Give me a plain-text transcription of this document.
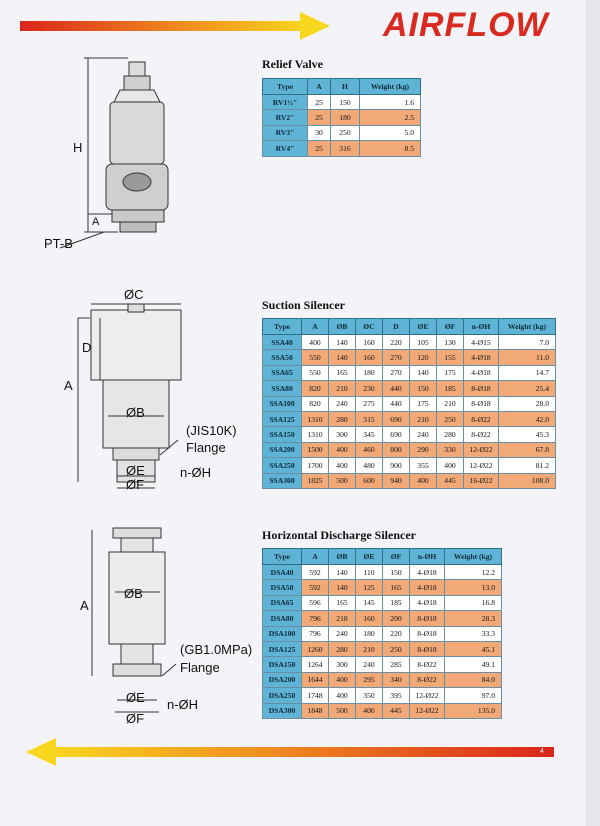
AIRFLOW
H
A
PT-B
ØC
D
A
ØB
(JIS10K)
Flange
ØE	n-ØH
ØF
A
ØB
(GB1.0MPa)
Flange
ØE n-ØH
ØF
Relief Valve
Type	A	H	Weight (kg)
RV1½"	25	150	1.6
RV2"	25	180	2.5
RV3"	30	250	5.0
RV4"	25	316	8.5
Suction Silencer
Type	A	ØB	ØC	D	ØE	ØF	n-ØH	Weight (kg)
SSA40	400	140	160	220	105	130	4-Ø15	7.0
SSA50	550	140	160	270	120	155	4-Ø18	11.0
SSA65	550	165	180	270	140	175	4-Ø18	14.7
SSA80	820	210	230	440	150	185	8-Ø18	25.4
SSA100	820	240	275	440	175	210	8-Ø18	28.0
SSA125	1310	280	315	690	210	250	8-Ø22	42.0
SSA150	1310	300	345	690	240	280	8-Ø22	45.3
SSA200	1500	400	460	800	290	330	12-Ø22	67.8
SSA250	1700	400	480	900	355	400	12-Ø22	81.2
SSA300	1825	500	600	940	400	445	16-Ø22	108.0
Horizontal Discharge Silencer
Type	A	ØB	ØE	ØF	n-ØH	Weight (kg)
DSA40	592	140	110	150	4-Ø18	12.2
DSA50	592	140	125	165	4-Ø18	13.0
DSA65	596	165	145	185	4-Ø18	16.8
DSA80	796	218	160	200	8-Ø18	28.3
DSA100	796	240	180	220	8-Ø18	33.3
DSA125	1260	280	210	250	8-Ø18	45.1
DSA150	1264	300	240	285	8-Ø22	49.1
DSA200	1644	400	295	340	8-Ø22	84.0
DSA250	1748	400	350	395	12-Ø22	97.0
DSA300	1848	500	400	445	12-Ø22	135.0
4
